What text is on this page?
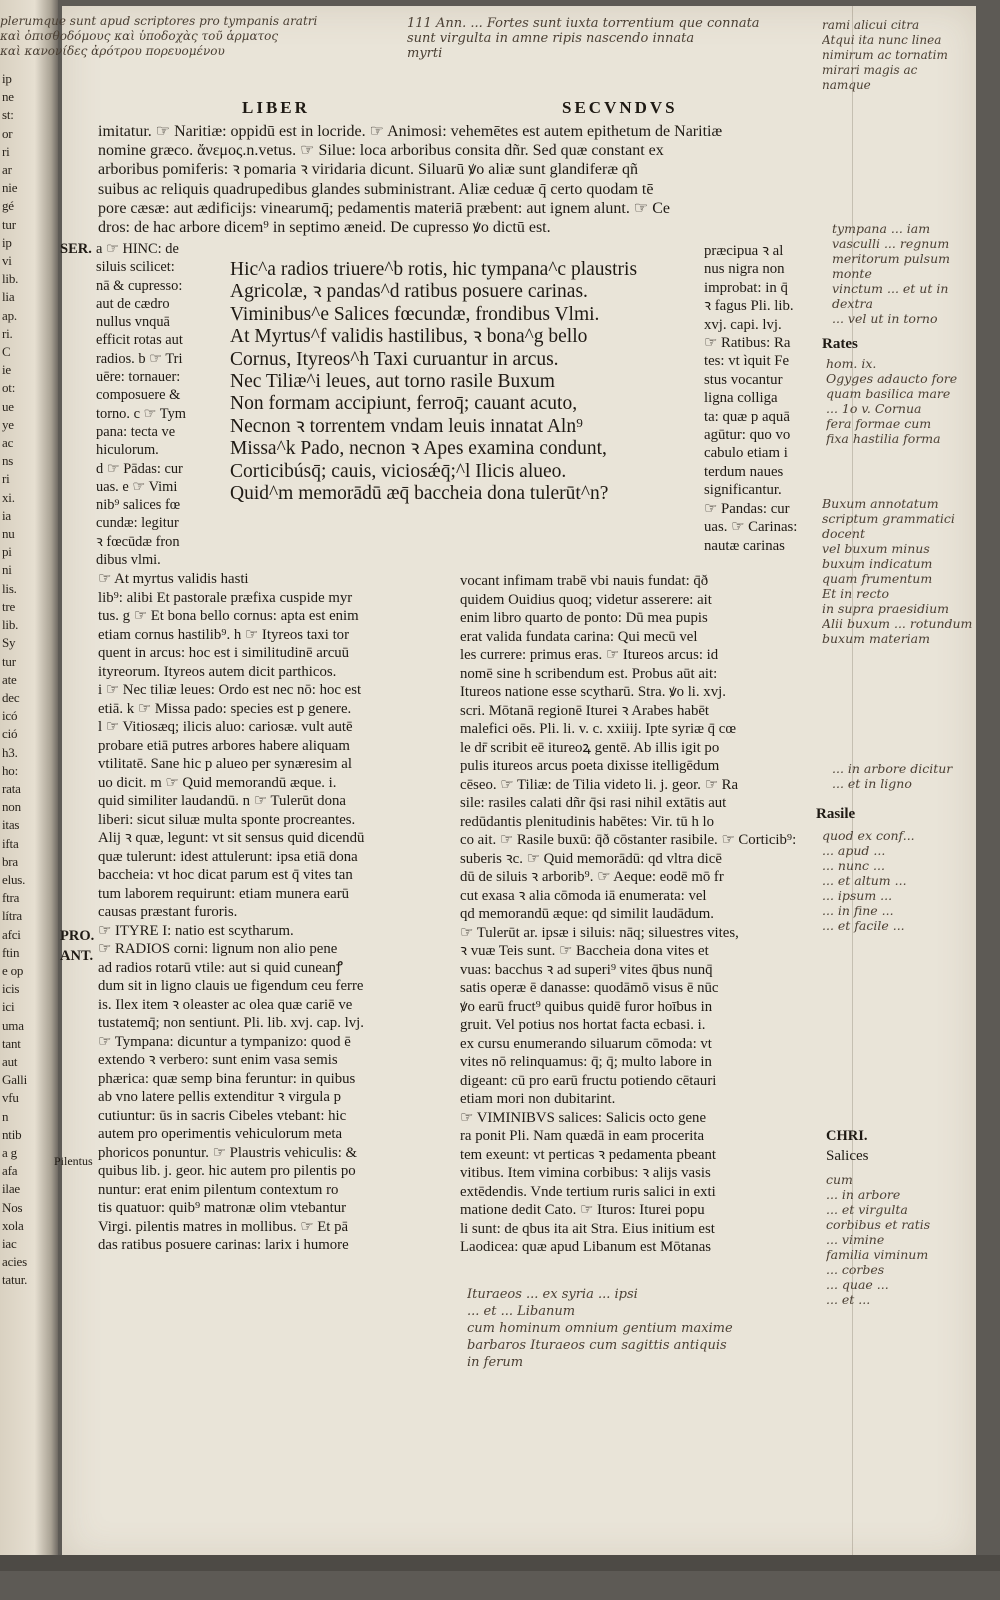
ip
ne
st:
or
ri
ar
nie
gé
tur
ip
vi
lib.
lia
ap.
ri.
C
ie
ot:
ue
ye
ac
ns
ri
xi.
ia
nu
pi
ni
lis.
tre
lib.
Sy
tur
ate
dec
icó
ció
h3.
ho:
rata
non
itas
ifta
bra
elus.
ftra
lítra
afci
ftin
e op
icis
ici
uma
tant
aut
Galli
vfu
n
ntib
a g
afa
ilae
Nos
xola
iac
acies
tatur.
plerumque sunt apud scriptores pro tympanis aratri
καὶ ὀπισθοδόμους καὶ ὑποδοχὰς τοῦ ἁρματος
καὶ κανονίδες ἀρότρου πορευομένου
111 Ann. ... Fortes sunt iuxta torrentium que connata
sunt virgulta in amne ripis nascendo innata
myrti
rami alicui citra
Atqui ita nunc linea
nimirum ac tornatim
mirari magis ac
namque
LIBER	SECVNDVS
imitatur. ☞ Naritiæ: oppidū est in locride. ☞ Animosi: vehemētes est autem epithetum de Naritiæ
nomine græco. ἄνεμος.n.vetus. ☞ Silue: loca arboribus consita dñr. Sed quæ constant ex
arboribus pomiferis: ꝛ pomaria ꝛ viridaria dicunt. Siluarū ꝟo aliæ sunt glandiferæ qñ
suibus ac reliquis quadrupedibus glandes subministrant. Aliæ ceduæ q̄ certo quodam tē
pore cæsæ: aut ædificijs: vinearumq̄; pedamentis materiā præbent: aut ignem alunt. ☞ Ce
dros: de hac arbore dicem⁹ in septimo æneid. De cupresso ꝟo dictū est.
SER. a ☞ HINC: de
siluis scilicet:
nā & cupresso:
aut de cædro
nullus vnquā
efficit rotas aut
radios. b ☞ Tri
uēre: tornauer:
composuere &
torno. c ☞ Tym
pana: tecta ve
hiculorum.
d ☞ Pādas: cur
uas. e ☞ Vimi
nib⁹ salices fœ
cundæ: legitur
ꝛ fœcūdæ fron
dibus vlmi.
Hic^a radios triuere^b rotis, hic tympana^c plaustris
Agricolæ, ꝛ pandas^d ratibus posuere carinas.
Viminibus^e Salices fœcundæ, frondibus Vlmi.
At Myrtus^f validis hastilibus, ꝛ bona^g bello
Cornus, Ityreos^h Taxi curuantur in arcus.
Nec Tiliæ^i leues, aut torno rasile Buxum
Non formam accipiunt, ferroq̄; cauant acuto,
Necnon ꝛ torrentem vndam leuis innatat Aln⁹
Missa^k Pado, necnon ꝛ Apes examina condunt,
Corticibúsq̄; cauis, viciosǽq̄;^l Ilicis alueo.
Quid^m memorādū æq̄ baccheia dona tulerūt^n?
præcipua ꝛ al
nus nigra non
improbat: in q̄
ꝛ fagus Pli. lib.
xvj. capi. lvj.
☞ Ratibus: Ra
tes: vt ìquit Fe
stus vocantur
ligna colliga
ta: quæ p aquā
agūtur: quo vo
cabulo etiam i
terdum naues
significantur.
☞ Pandas: cur
uas. ☞ Carinas:
nautæ carinas
Rates
tympana ... iam
vasculli ... regnum
meritorum pulsum monte
vinctum ... et ut in dextra
... vel ut in torno
hom. ix.
Ogyges adaucto fore
quam basilica mare
... 1o v. Cornua
fera formae cum
fixa hastilia forma
Buxum annotatum
scriptum grammatici docent
vel buxum minus
buxum indicatum
quam frumentum
Et in recto
in supra praesidium
Alii buxum ... rotundum
buxum materiam
... in arbore dicitur
... et in ligno
Rasile
quod ex conf...
... apud ...
... nunc ...
... et altum ...
... ipsum ...
... in fine ...
... et facile ...
☞ At myrtus validis hasti
lib⁹: alibi Et pastorale præfixa cuspide myr
tus. g ☞ Et bona bello cornus: apta est enim
etiam cornus hastilib⁹. h ☞ Ityreos taxi tor
quent in arcus: hoc est i similitudinē arcuū
ityreorum. Ityreos autem dicit parthicos.
i ☞ Nec tiliæ leues: Ordo est nec nō: hoc est
etiā. k ☞ Missa pado: species est p genere.
l ☞ Vitiosæq; ilicis aluo: cariosæ. vult autē
probare etiā putres arbores habere aliquam
vtilitatē. Sane hic p alueo per synæresim al
uo dicit. m ☞ Quid memorandū æque. i.
quid similiter laudandū. n ☞ Tulerūt dona
liberi: sicut siluæ multa sponte procreantes.
Alij ꝛ quæ, legunt: vt sit sensus quid dicendū
quæ tulerunt: idest attulerunt: ipsa etiā dona
baccheia: vt hoc dicat parum est q̄ vites tan
tum laborem requirunt: etiam munera earū
causas præstant furoris.
☞ ITYRE I: natio est scytharum.
☞ RADIOS corni: lignum non alio pene
ad radios rotarū vtile: aut si quid cuneanꝭ
dum sit in ligno clauis ue figendum ceu ferre
is. Ilex item ꝛ oleaster ac olea quæ cariē ve
tustatemq̄; non sentiunt. Pli. lib. xvj. cap. lvj.
☞ Tympana: dicuntur a tympanizo: quod ē
extendo ꝛ verbero: sunt enim vasa semis
phærica: quæ semp bina feruntur: in quibus
ab vno latere pellis extenditur ꝛ virgula p
cutiuntur: ūs in sacris Cibeles vtebant: hic
autem pro operimentis vehiculorum meta
phoricos ponuntur. ☞ Plaustris vehiculis: &
quibus lib. j. geor. hic autem pro pilentis po
nuntur: erat enim pilentum contextum ro
tis quatuor: quib⁹ matronæ olim vtebantur
Virgi. pilentis matres in mollibus. ☞ Et pā
das ratibus posuere carinas: larix i humore
PRO.
ANT.
Pilentus
vocant infimam trabē vbi nauis fundat: q̄ð
quidem Ouidius quoq; videtur asserere: ait
enim libro quarto de ponto: Dū mea pupis
erat valida fundata carina: Qui mecū vel
les currere: primus eras. ☞ Itureos arcus: id
nomē sine h scribendum est. Probus aūt ait:
Itureos natione esse scytharū. Stra. ꝟo li. xvj.
scri. Mōtanā regionē Iturei ꝛ Arabes habēt
malefici oēs. Pli. li. v. c. xxiiij. Ipte syriæ q̄ cœ
le dr̄ scribit eē itureoꝝ gentē. Ab illis igit po
pulis itureos arcus poeta dixisse itelligēdum
cēseo. ☞ Tiliæ: de Tilia videto li. j. geor. ☞ Ra
sile: rasiles calati dñr q̄si rasi nihil extātis aut
redūdantis plenitudinis habētes: Vir. tū h lo
co ait. ☞ Rasile buxū: q̄ð cōstanter rasibile. ☞ Corticib⁹:
suberis ꝛc. ☞ Quid memorādū: qd vltra dicē
dū de siluis ꝛ arborib⁹. ☞ Aeque: eodē mō fr
cut exasa ꝛ alia cōmoda iā enumerata: vel
qd memorandū æque: qd similit laudādum.
☞ Tulerūt ar. ipsæ i siluis: nāq; siluestres vites,
ꝛ vuæ Teis sunt. ☞ Baccheia dona vites et
vuas: bacchus ꝛ ad superi⁹ vites q̄bus nunq̄
satis operæ ē danasse: quodāmō visus ē nūc
ꝟo earū fruct⁹ quibus quidē furor hoībus in
gruit. Vel potius nos hortat facta ecbasi. i.
ex cursu enumerando siluarum cōmoda: vt
vites nō relinquamus: q̄; q̄; multo labore in
digeant: cū pro earū fructu potiendo cētauri
etiam mori non dubitarint.
☞ VIMINIBVS salices: Salicis octo gene
ra ponit Pli. Nam quædā in eam procerita
tem exeunt: vt perticas ꝛ pedamenta pbeant
vitibus. Item vimina corbibus: ꝛ alijs vasis
extēdendis. Vnde tertium ruris salici in exti
matione dedit Cato. ☞ Ituros: Iturei popu
li sunt: de qbus ita ait Stra. Eius initium est
Laodicea: quæ apud Libanum est Mōtanas
CHRI.
Salices
cum
... in arbore
... et virgulta
corbibus et ratis
... vimine
familia viminum
... corbes
... quae ...
... et ...
Ituraeos ... ex syria ... ipsi
... et ... Libanum
cum hominum omnium gentium maxime
barbaros Ituraeos cum sagittis antiquis
in ferum
